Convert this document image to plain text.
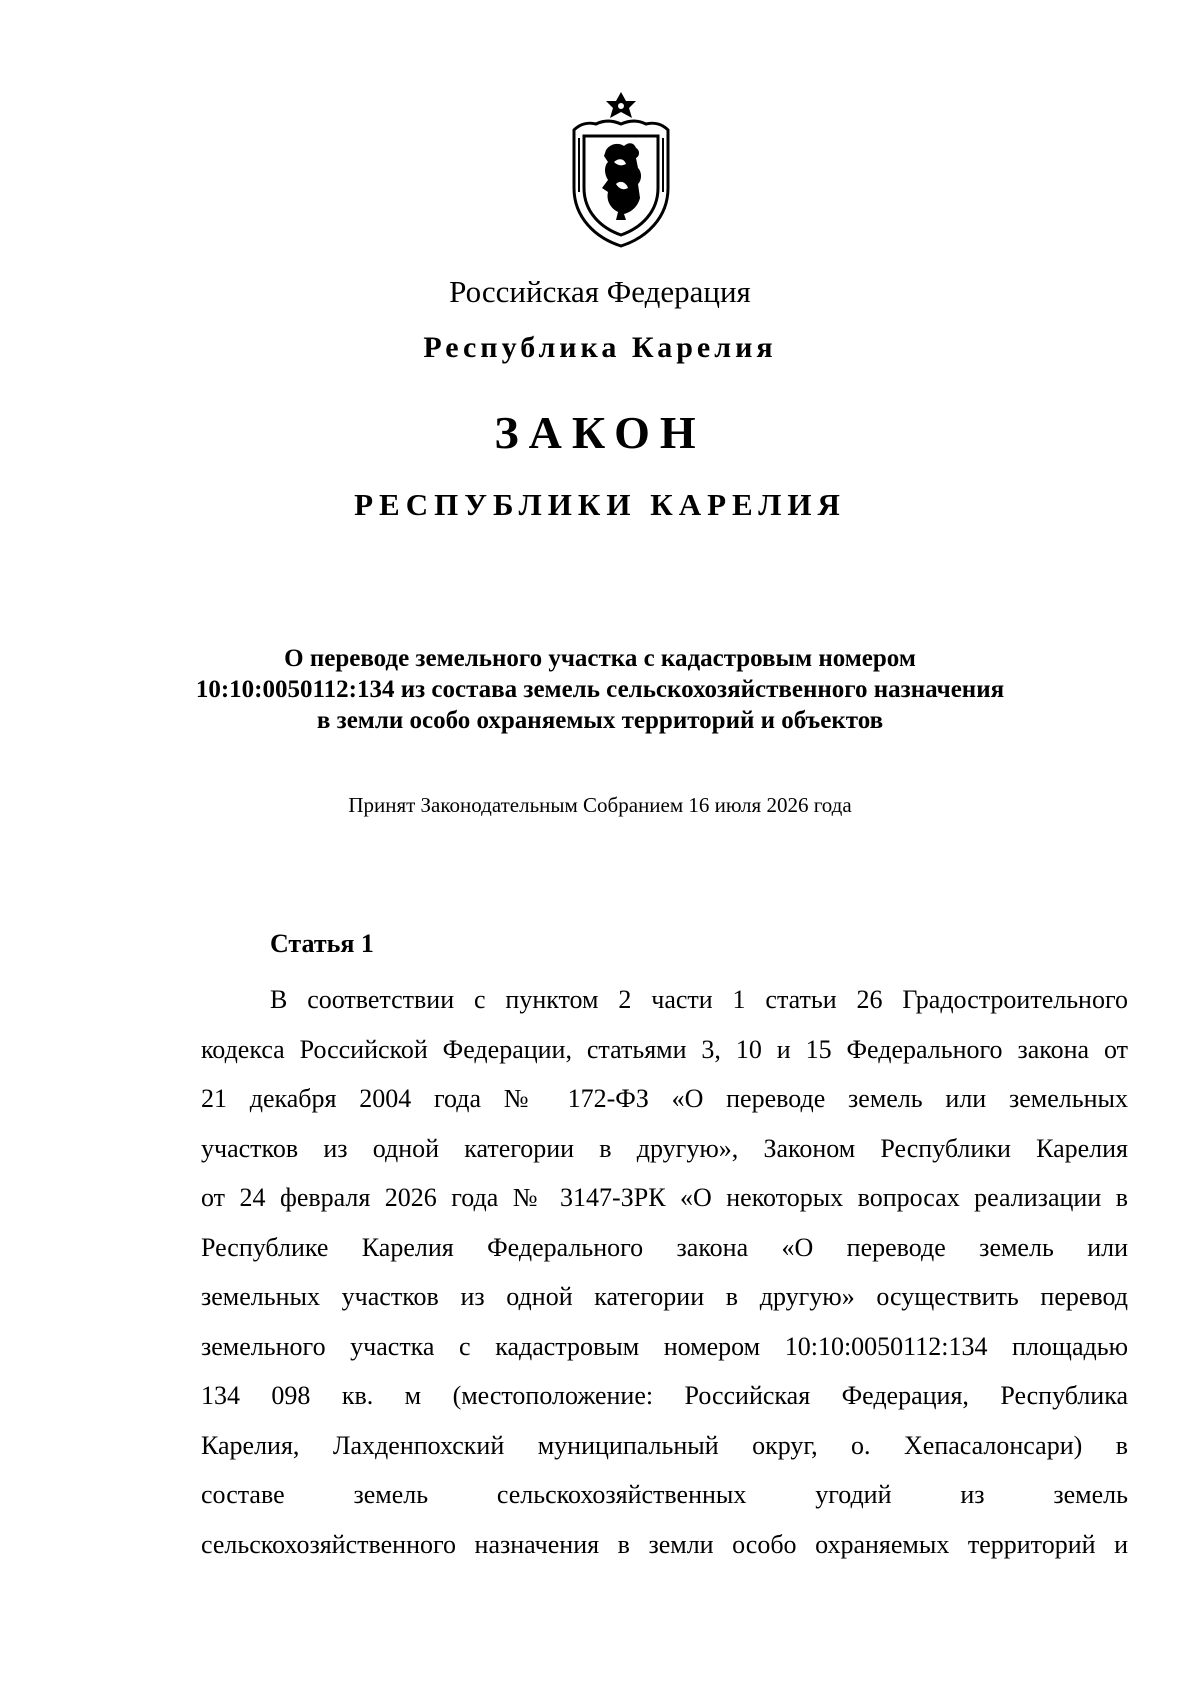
Российская Федерация
Республика Карелия
ЗАКОН
РЕСПУБЛИКИ КАРЕЛИЯ
О переводе земельного участка с кадастровым номером
10:10:0050112:134 из состава земель сельскохозяйственного назначения
в земли особо охраняемых территорий и объектов
Принят Законодательным Собранием 16 июля 2026 года
Статья 1
В соответствии с пунктом 2 части 1 статьи 26 Градостроительного
кодекса Российской Федерации, статьями 3, 10 и 15 Федерального закона от
21 декабря 2004 года № 172-ФЗ «О переводе земель или земельных
участков из одной категории в другую», Законом Республики Карелия
от 24 февраля 2026 года № 3147-ЗРК «О некоторых вопросах реализации в
Республике Карелия Федерального закона «О переводе земель или
земельных участков из одной категории в другую» осуществить перевод
земельного участка с кадастровым номером 10:10:0050112:134 площадью
134 098 кв. м (местоположение: Российская Федерация, Республика
Карелия, Лахденпохский муниципальный округ, о. Хепасалонсари) в
составе земель сельскохозяйственных угодий из земель
сельскохозяйственного назначения в земли особо охраняемых территорий и
